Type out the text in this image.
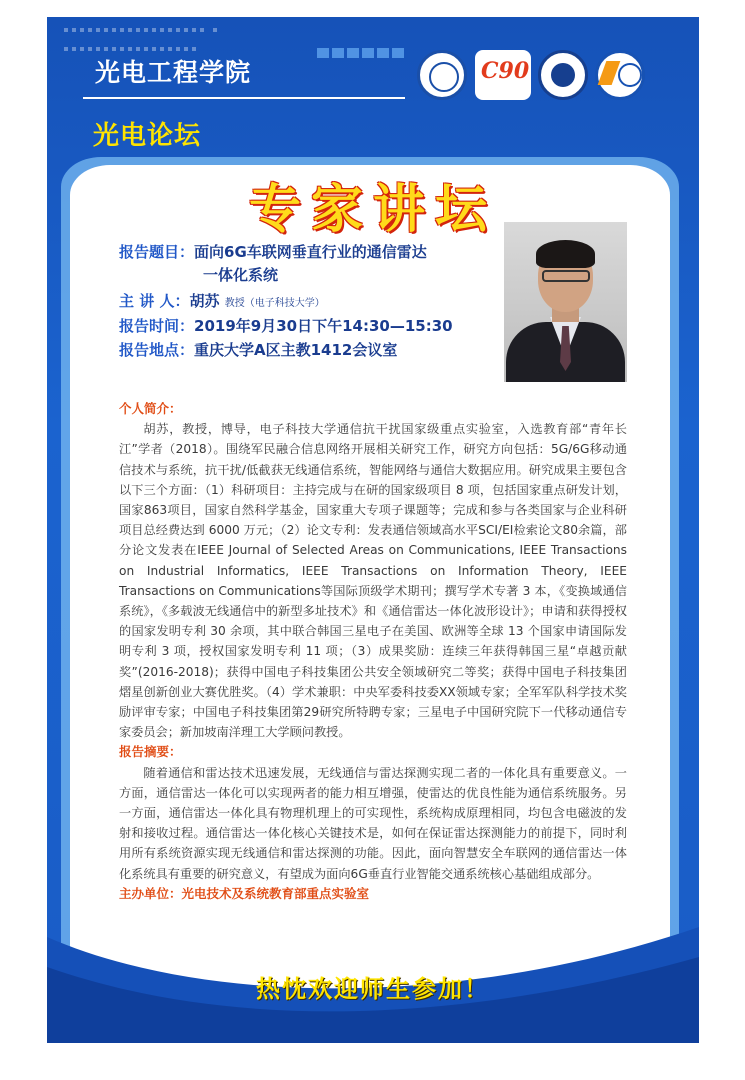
光电工程学院	C90
光电论坛
专家讲坛
报告题目：面向6G车联网垂直行业的通信雷达
一体化系统
主 讲 人：胡苏 教授（电子科技大学）
报告时间：2019年9月30日下午14:30—15:30
报告地点：重庆大学A区主教1412会议室
个人简介：

胡苏，教授，博导，电子科技大学通信抗干扰国家级重点实验室，入选教育部“青年长江”学者（2018）。围绕军民融合信息网络开展相关研究工作，研究方向包括：5G/6G移动通信技术与系统，抗干扰/低截获无线通信系统，智能网络与通信大数据应用。研究成果主要包含以下三个方面：（1）科研项目：主持完成与在研的国家级项目 8 项，包括国家重点研发计划，国家863项目，国家自然科学基金，国家重大专项子课题等；完成和参与各类国家与企业科研项目总经费达到 6000 万元；（2）论文专利：发表通信领域高水平SCI/EI检索论文80余篇，部分论文发表在IEEE Journal of Selected Areas on Communications, IEEE Transactions on Industrial Informatics, IEEE Transactions on Information Theory, IEEE Transactions on Communications等国际顶级学术期刊；撰写学术专著 3 本，《变换域通信系统》，《多载波无线通信中的新型多址技术》和《通信雷达一体化波形设计》；申请和获得授权的国家发明专利 30 余项，其中联合韩国三星电子在美国、欧洲等全球 13 个国家申请国际发明专利 3 项，授权国家发明专利 11 项；（3）成果奖励：连续三年获得韩国三星“卓越贡献奖”(2016-2018)；获得中国电子科技集团公共安全领域研究二等奖；获得中国电子科技集团熠星创新创业大赛优胜奖。（4）学术兼职：中央军委科技委XX领域专家；全军军队科学技术奖励评审专家；中国电子科技集团第29研究所特聘专家；三星电子中国研究院下一代移动通信专家委员会；新加坡南洋理工大学顾问教授。

报告摘要：

随着通信和雷达技术迅速发展，无线通信与雷达探测实现二者的一体化具有重要意义。一方面，通信雷达一体化可以实现两者的能力相互增强，使雷达的优良性能为通信系统服务。另一方面，通信雷达一体化具有物理机理上的可实现性，系统构成原理相同，均包含电磁波的发射和接收过程。通信雷达一体化核心关键技术是，如何在保证雷达探测能力的前提下，同时利用所有系统资源实现无线通信和雷达探测的功能。因此，面向智慧安全车联网的通信雷达一体化系统具有重要的研究意义，有望成为面向6G垂直行业智能交通系统核心基础组成部分。

主办单位：光电技术及系统教育部重点实验室
热忱欢迎师生参加！
